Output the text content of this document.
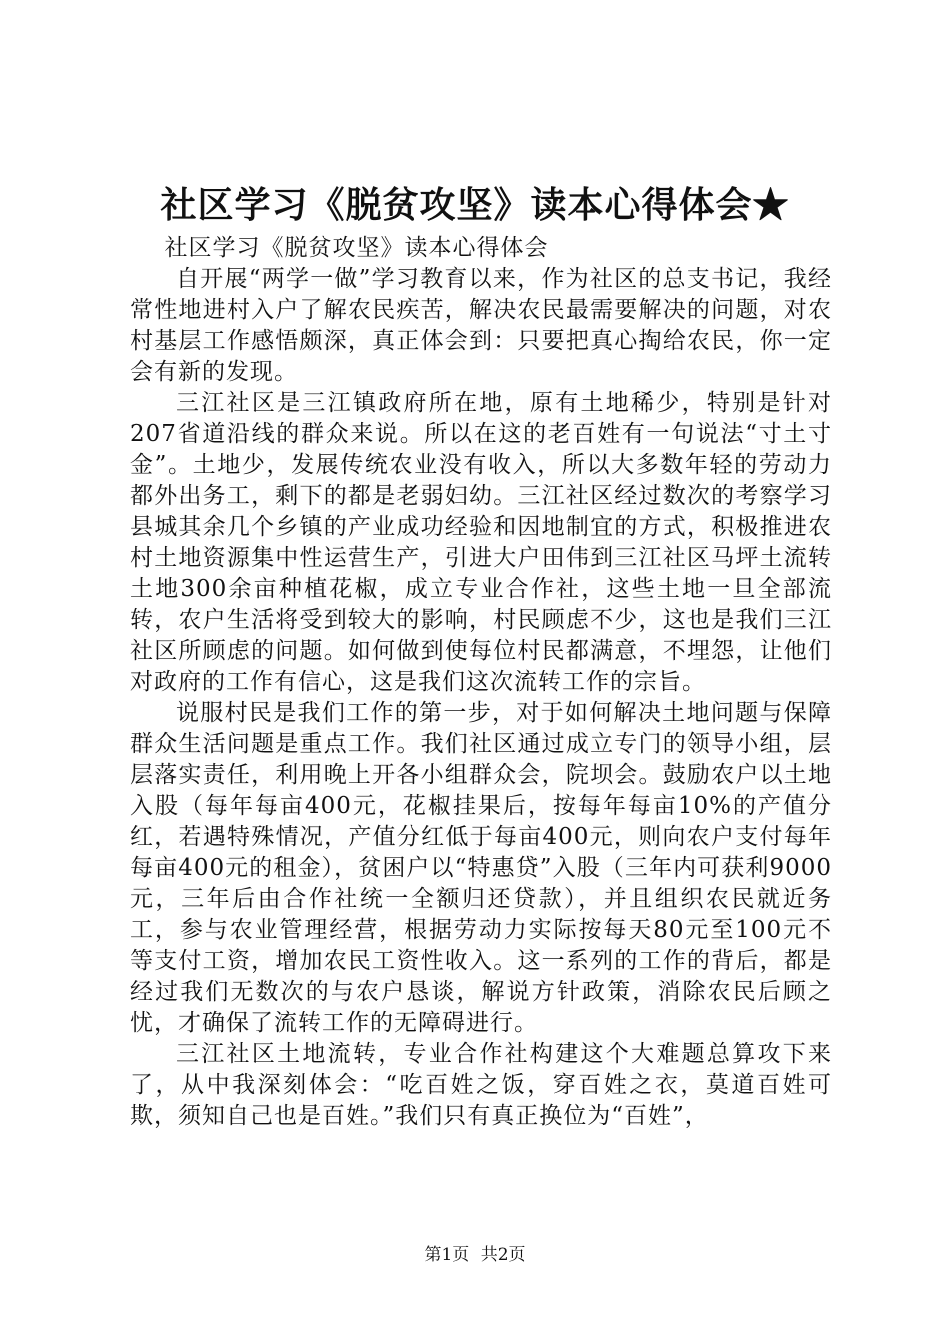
社区学习《脱贫攻坚》读本心得体会★

社区学习《脱贫攻坚》读本心得体会

自开展“两学一做”学习教育以来，作为社区的总支书记，我经常性地进村入户了解农民疾苦，解决农民最需要解决的问题，对农村基层工作感悟颇深，真正体会到：只要把真心掏给农民，你一定会有新的发现。

三江社区是三江镇政府所在地，原有土地稀少，特别是针对207省道沿线的群众来说。所以在这的老百姓有一句说法“寸土寸金”。土地少，发展传统农业没有收入，所以大多数年轻的劳动力都外出务工，剩下的都是老弱妇幼。三江社区经过数次的考察学习县城其余几个乡镇的产业成功经验和因地制宜的方式，积极推进农村土地资源集中性运营生产，引进大户田伟到三江社区马坪土流转土地300余亩种植花椒，成立专业合作社，这些土地一旦全部流转，农户生活将受到较大的影响，村民顾虑不少，这也是我们三江社区所顾虑的问题。如何做到使每位村民都满意，不埋怨，让他们对政府的工作有信心，这是我们这次流转工作的宗旨。

说服村民是我们工作的第一步，对于如何解决土地问题与保障群众生活问题是重点工作。我们社区通过成立专门的领导小组，层层落实责任，利用晚上开各小组群众会，院坝会。鼓励农户以土地入股（每年每亩400元，花椒挂果后，按每年每亩10%的产值分红，若遇特殊情况，产值分红低于每亩400元，则向农户支付每年每亩400元的租金），贫困户以“特惠贷”入股（三年内可获利9000元，三年后由合作社统一全额归还贷款），并且组织农民就近务工，参与农业管理经营，根据劳动力实际按每天80元至100元不等支付工资，增加农民工资性收入。这一系列的工作的背后，都是经过我们无数次的与农户恳谈，解说方针政策，消除农民后顾之忧，才确保了流转工作的无障碍进行。

三江社区土地流转，专业合作社构建这个大难题总算攻下来了，从中我深刻体会：“吃百姓之饭，穿百姓之衣，莫道百姓可欺，须知自己也是百姓。”我们只有真正换位为“百姓”，

第1页 共2页
